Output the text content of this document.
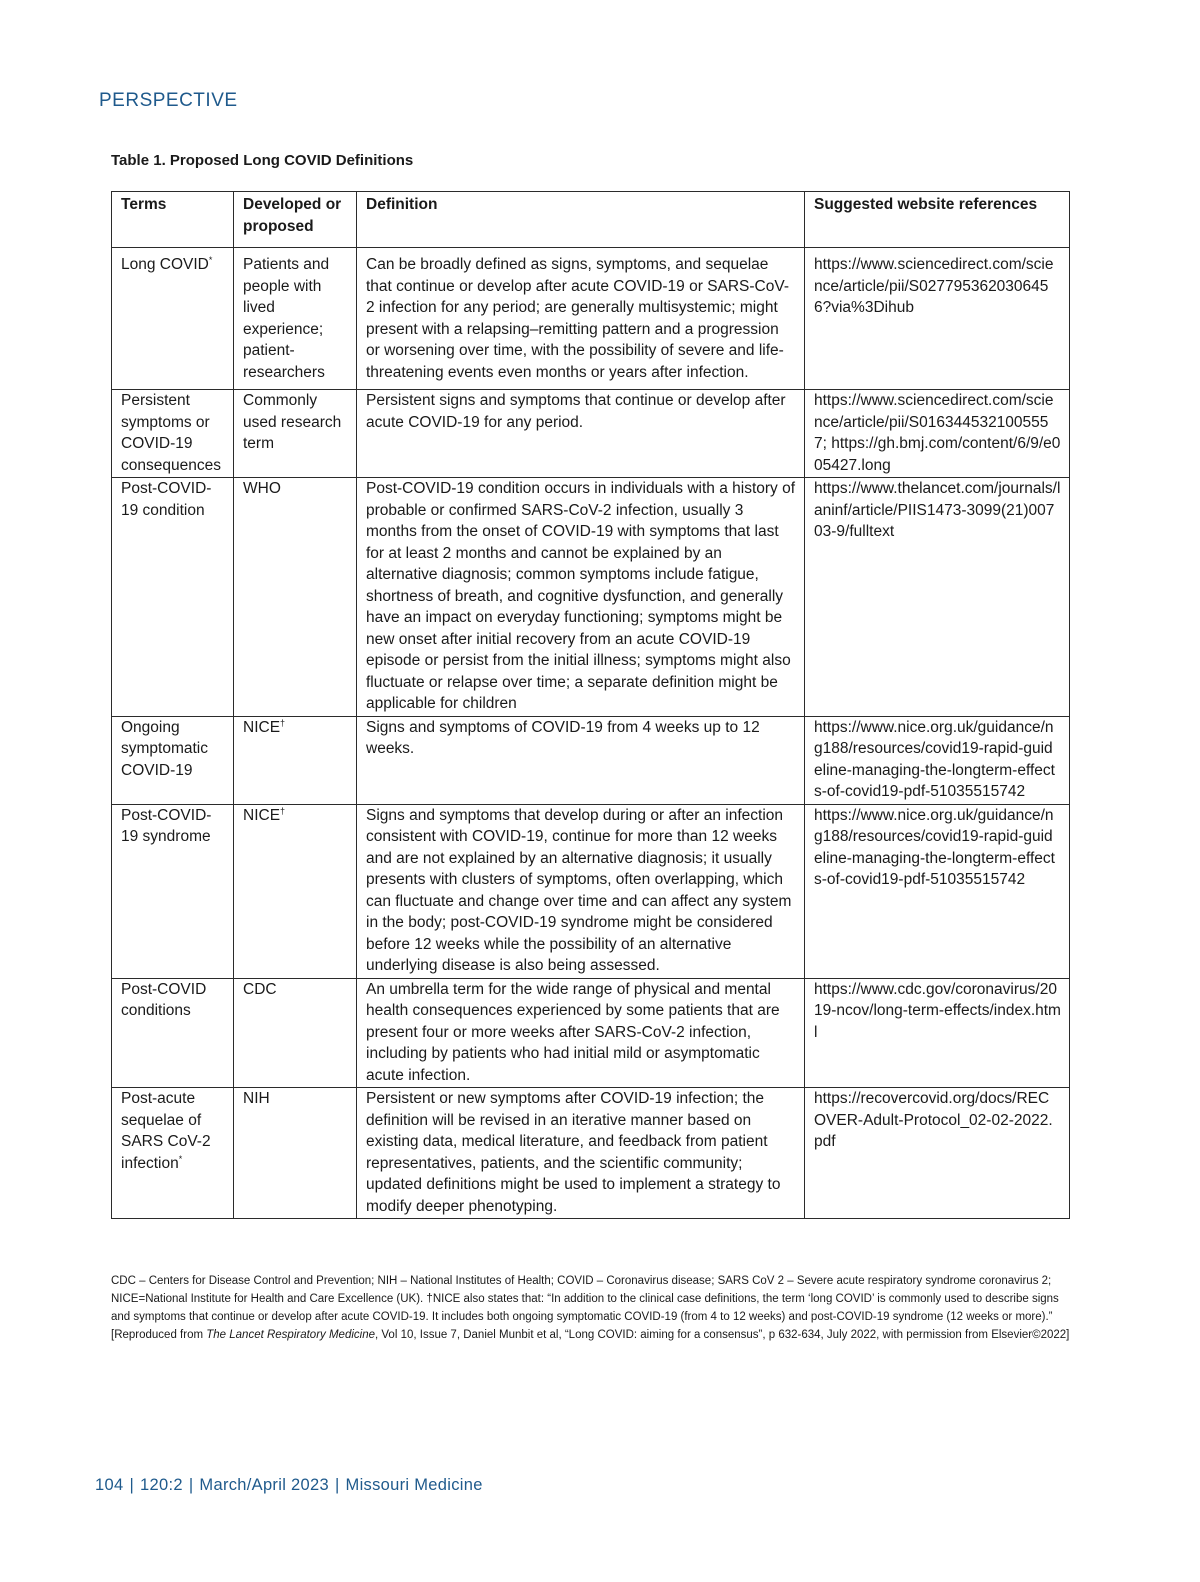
PERSPECTIVE
Table 1. Proposed Long COVID Definitions
Terms	Developed or proposed	Definition	Suggested website references
Long COVID*	Patients and people with lived experience; patient-researchers	Can be broadly defined as signs, symptoms, and sequelae that continue or develop after acute COVID-19 or SARS-CoV-2 infection for any period; are generally multisystemic; might present with a relapsing–remitting pattern and a progression or worsening over time, with the possibility of severe and life-threatening events even months or years after infection.	https://www.sciencedirect.com/science/article/pii/S0277953620306456?via%3Dihub
Persistent symptoms or COVID-19 consequences	Commonly used research term	Persistent signs and symptoms that continue or develop after acute COVID-19 for any period.	https://www.sciencedirect.com/science/article/pii/S0163445321005557; https://gh.bmj.com/content/6/9/e005427.long
Post-COVID-19 condition	WHO	Post-COVID-19 condition occurs in individuals with a history of probable or confirmed SARS-CoV-2 infection, usually 3 months from the onset of COVID-19 with symptoms that last for at least 2 months and cannot be explained by an alternative diagnosis; common symptoms include fatigue, shortness of breath, and cognitive dysfunction, and generally have an impact on everyday functioning; symptoms might be new onset after initial recovery from an acute COVID-19 episode or persist from the initial illness; symptoms might also fluctuate or relapse over time; a separate definition might be applicable for children	https://www.thelancet.com/journals/laninf/article/PIIS1473-3099(21)00703-9/fulltext
Ongoing symptomatic COVID-19	NICE†	Signs and symptoms of COVID-19 from 4 weeks up to 12 weeks.	https://www.nice.org.uk/guidance/ng188/resources/covid19-rapid-guideline-managing-the-longterm-effects-of-covid19-pdf-51035515742
Post-COVID-19 syndrome	NICE†	Signs and symptoms that develop during or after an infection consistent with COVID-19, continue for more than 12 weeks and are not explained by an alternative diagnosis; it usually presents with clusters of symptoms, often overlapping, which can fluctuate and change over time and can affect any system in the body; post-COVID-19 syndrome might be considered before 12 weeks while the possibility of an alternative underlying disease is also being assessed.	https://www.nice.org.uk/guidance/ng188/resources/covid19-rapid-guideline-managing-the-longterm-effects-of-covid19-pdf-51035515742
Post-COVID conditions	CDC	An umbrella term for the wide range of physical and mental health consequences experienced by some patients that are present four or more weeks after SARS-CoV-2 infection, including by patients who had initial mild or asymptomatic acute infection.	https://www.cdc.gov/coronavirus/2019-ncov/long-term-effects/index.html
Post-acute sequelae of SARS CoV-2 infection*	NIH	Persistent or new symptoms after COVID-19 infection; the definition will be revised in an iterative manner based on existing data, medical literature, and feedback from patient representatives, patients, and the scientific community; updated definitions might be used to implement a strategy to modify deeper phenotyping.	https://recovercovid.org/docs/RECOVER-Adult-Protocol_02-02-2022.pdf
CDC – Centers for Disease Control and Prevention; NIH – National Institutes of Health; COVID – Coronavirus disease; SARS CoV 2 – Severe acute respiratory syndrome coronavirus 2; NICE=National Institute for Health and Care Excellence (UK). †NICE also states that: “In addition to the clinical case definitions, the term ‘long COVID’ is commonly used to describe signs and symptoms that continue or develop after acute COVID-19. It includes both ongoing symptomatic COVID-19 (from 4 to 12 weeks) and post-COVID-19 syndrome (12 weeks or more).” [Reproduced from The Lancet Respiratory Medicine, Vol 10, Issue 7, Daniel Munbit et al, “Long COVID: aiming for a consensus”, p 632-634, July 2022, with permission from Elsevier©2022]
104 | 120:2 | March/April 2023 | Missouri Medicine
